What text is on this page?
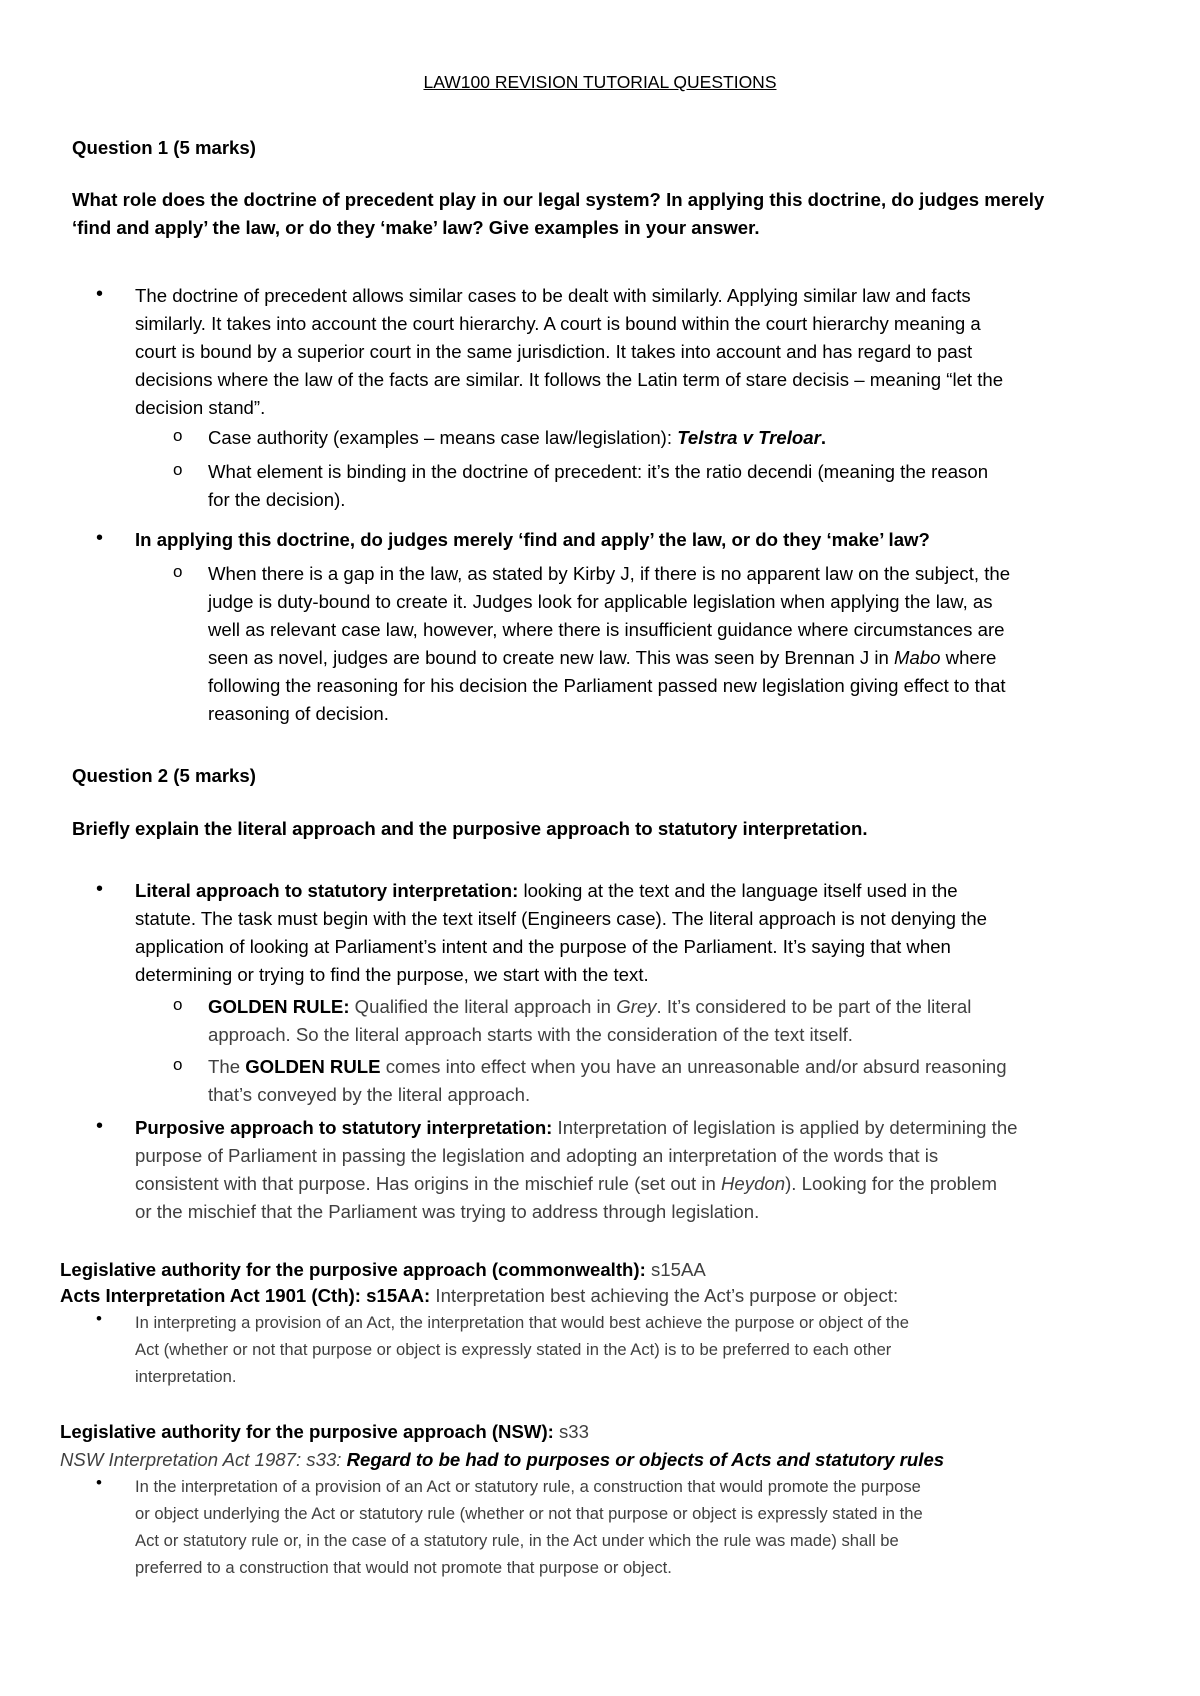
LAW100 REVISION TUTORIAL QUESTIONS
Question 1 (5 marks)
What role does the doctrine of precedent play in our legal system? In applying this doctrine, do judges merely
‘find and apply’ the law, or do they ‘make’ law? Give examples in your answer.
• The doctrine of precedent allows similar cases to be dealt with similarly. Applying similar law and facts
similarly. It takes into account the court hierarchy. A court is bound within the court hierarchy meaning a
court is bound by a superior court in the same jurisdiction. It takes into account and has regard to past
decisions where the law of the facts are similar. It follows the Latin term of stare decisis – meaning “let the
decision stand”.
o Case authority (examples – means case law/legislation): Telstra v Treloar.
o What element is binding in the doctrine of precedent: it’s the ratio decendi (meaning the reason
for the decision).
• In applying this doctrine, do judges merely ‘find and apply’ the law, or do they ‘make’ law?
o When there is a gap in the law, as stated by Kirby J, if there is no apparent law on the subject, the
judge is duty-bound to create it. Judges look for applicable legislation when applying the law, as
well as relevant case law, however, where there is insufficient guidance where circumstances are
seen as novel, judges are bound to create new law. This was seen by Brennan J in Mabo where
following the reasoning for his decision the Parliament passed new legislation giving effect to that
reasoning of decision.
Question 2 (5 marks)
Briefly explain the literal approach and the purposive approach to statutory interpretation.
• Literal approach to statutory interpretation: looking at the text and the language itself used in the
statute. The task must begin with the text itself (Engineers case). The literal approach is not denying the
application of looking at Parliament’s intent and the purpose of the Parliament. It’s saying that when
determining or trying to find the purpose, we start with the text.
o GOLDEN RULE: Qualified the literal approach in Grey. It’s considered to be part of the literal
approach. So the literal approach starts with the consideration of the text itself.
o The GOLDEN RULE comes into effect when you have an unreasonable and/or absurd reasoning
that’s conveyed by the literal approach.
• Purposive approach to statutory interpretation: Interpretation of legislation is applied by determining the
purpose of Parliament in passing the legislation and adopting an interpretation of the words that is
consistent with that purpose. Has origins in the mischief rule (set out in Heydon). Looking for the problem
or the mischief that the Parliament was trying to address through legislation.
Legislative authority for the purposive approach (commonwealth): s15AA
Acts Interpretation Act 1901 (Cth): s15AA: Interpretation best achieving the Act’s purpose or object:
• In interpreting a provision of an Act, the interpretation that would best achieve the purpose or object of the
Act (whether or not that purpose or object is expressly stated in the Act) is to be preferred to each other
interpretation.
Legislative authority for the purposive approach (NSW): s33
NSW Interpretation Act 1987: s33: Regard to be had to purposes or objects of Acts and statutory rules
• In the interpretation of a provision of an Act or statutory rule, a construction that would promote the purpose
or object underlying the Act or statutory rule (whether or not that purpose or object is expressly stated in the
Act or statutory rule or, in the case of a statutory rule, in the Act under which the rule was made) shall be
preferred to a construction that would not promote that purpose or object.
